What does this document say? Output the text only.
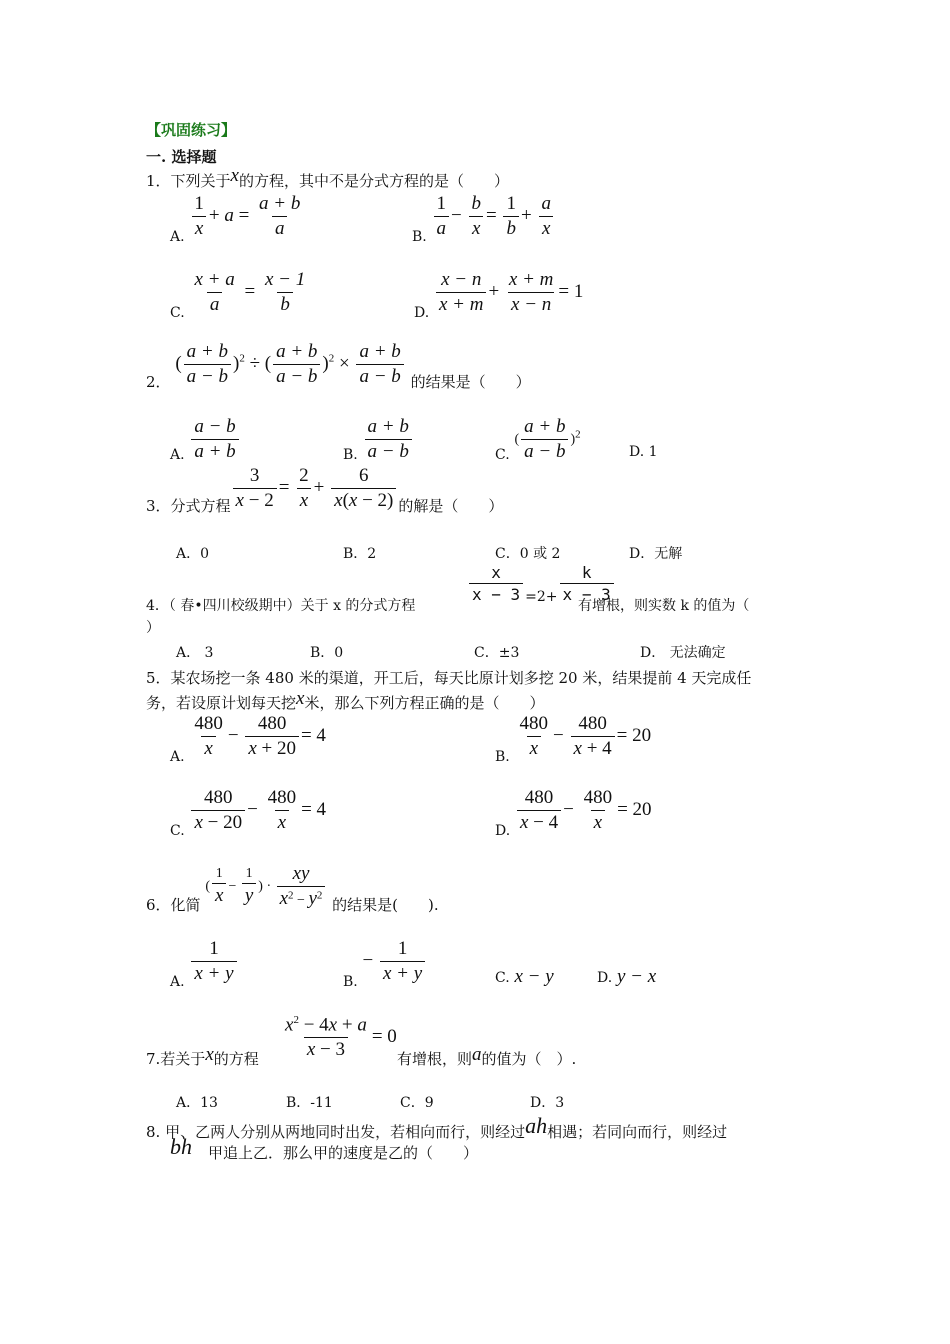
【巩固练习】
一. 选择题
1．下列关于x的方程，其中不是分式方程的是（　　）
A. $\frac{1}{x} + a = \frac{a + b}{a}$	B. $\frac{1}{a} - \frac{b}{x} = \frac{1}{b} + \frac{a}{x}$
C. $\frac{x + a}{a} = \frac{x - 1}{b}$	D. $\frac{x - n}{x + m} + \frac{x + m}{x - n} = 1$
2． ( $\frac{a + b}{a - b} )^2$ ÷ ( $\frac{a + b}{a - b} )^2 \times \frac{a + b}{a - b}$ 的结果是（　　）
A. $\frac{a - b}{a + b}$	B. $\frac{a + b}{a - b}$	C. ( $\frac{a + b}{a - b} )^2$
D. 1
3．分式方程 $\frac{3}{x - 2} = \frac{2}{x} + \frac{6}{x(x - 2)}$ 的解是（　　）
A．0	B．2	C．0 或 2	D．无解
4．（ 春•四川校级期中）关于 x 的分式方程
$\frac{x}{x - 3} =2+ \frac{k}{x - 3}$
有增根，则实数 k 的值为（
）
A． 3	B．0	C．±3	D． 无法确定
5．某农场挖一条 480 米的渠道，开工后，每天比原计划多挖 20 米，结果提前 4 天完成任
务，若设原计划每天挖x米，那么下列方程正确的是（　　）
A. $\frac{480}{x} - \frac{480}{x + 20} = 4$
B. $\frac{480}{x} - \frac{480}{x + 4} = 20$
C. $\frac{480}{x - 20} - \frac{480}{x} = 4$
D. $\frac{480}{x - 4} - \frac{480}{x} = 20$
6．化简 ( $\frac{1}{x} - \frac{1}{y}$ ) · $\frac{xy}{x^2 - y^2}$ 的结果是(　　).
A. $\frac{1}{x + y}$	B. − $\frac{1}{x + y}$	C. x − y	D. y − x
7.若关于x的方程 $\frac{x^2 - 4x + a}{x - 3} = 0$
有增根，则a的值为（　）.
A．13	B．-11	C．9	D．3
8. 甲、乙两人分别从两地同时出发，若相向而行，则经过ah相遇；若同向而行，则经过
bh 甲追上乙．那么甲的速度是乙的（　　）
